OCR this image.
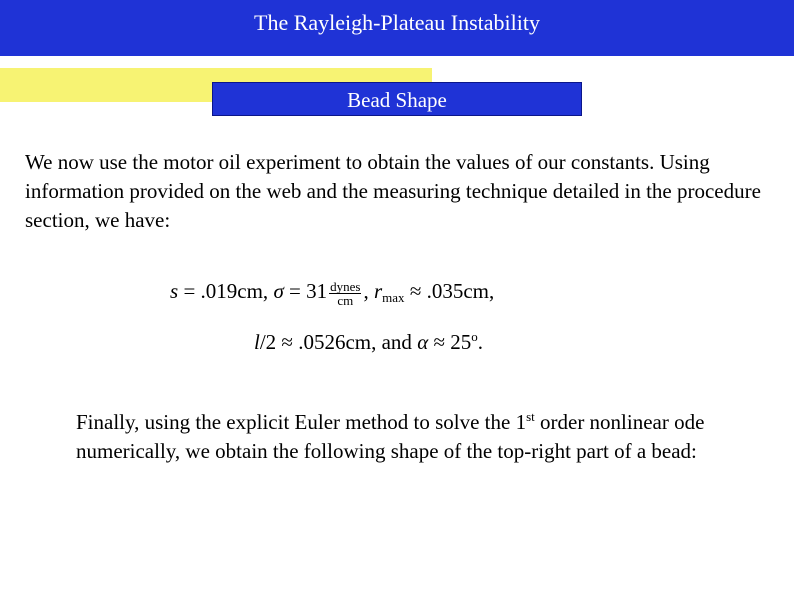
The Rayleigh-Plateau Instability
Bead Shape
We now use the motor oil experiment to obtain the values of our constants. Using information provided on the web and the measuring technique detailed in the procedure section, we have:
s = .019cm, $\sigma = 31 \frac{\text{dynes}}{cm}$ , $r_{max} \approx .035cm$,
l/2 ≈ .0526cm, and $\alpha \approx 25^o$.
Finally, using the explicit Euler method to solve the 1st order nonlinear ode numerically, we obtain the following shape of the top-right part of a bead:
